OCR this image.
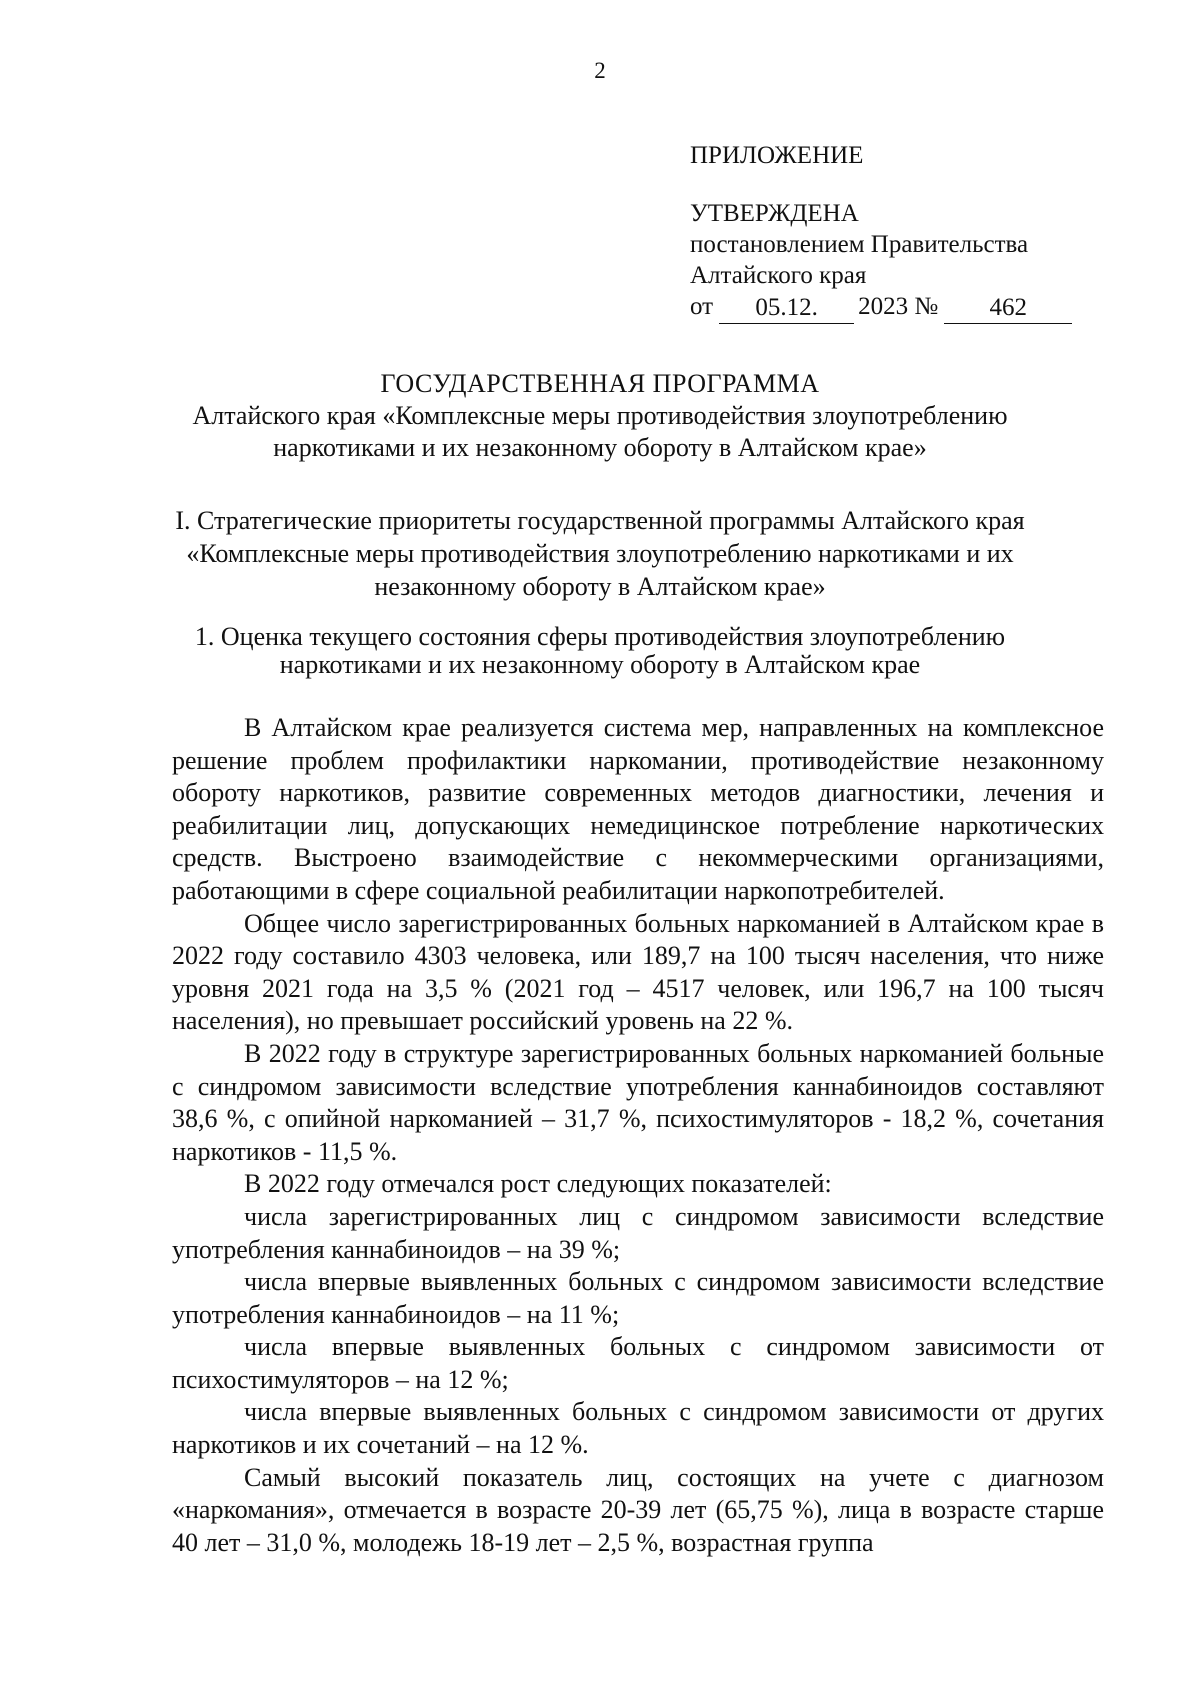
2
ПРИЛОЖЕНИЕ
УТВЕРЖДЕНА
постановлением Правительства
Алтайского края
от 05.12. 2023 № 462
ГОСУДАРСТВЕННАЯ ПРОГРАММА
Алтайского края «Комплексные меры противодействия злоупотреблению
наркотиками и их незаконному обороту в Алтайском крае»
I. Стратегические приоритеты государственной программы Алтайского края
«Комплексные меры противодействия злоупотреблению наркотиками и их
незаконному обороту в Алтайском крае»
1. Оценка текущего состояния сферы противодействия злоупотреблению
наркотиками и их незаконному обороту в Алтайском крае

В Алтайском крае реализуется система мер, направленных на комплексное решение проблем профилактики наркомании, противодействие незаконному обороту наркотиков, развитие современных методов диагностики, лечения и реабилитации лиц, допускающих немедицинское потребление наркотических средств. Выстроено взаимодействие с некоммерческими организациями, работающими в сфере социальной реабилитации наркопотребителей.

Общее число зарегистрированных больных наркоманией в Алтайском крае в 2022 году составило 4303 человека, или 189,7 на 100 тысяч населения, что ниже уровня 2021 года на 3,5 % (2021 год – 4517 человек, или 196,7 на 100 тысяч населения), но превышает российский уровень на 22 %.

В 2022 году в структуре зарегистрированных больных наркоманией больные с синдромом зависимости вследствие употребления каннабиноидов составляют 38,6 %, с опийной наркоманией – 31,7 %, психостимуляторов - 18,2 %, сочетания наркотиков - 11,5 %.

В 2022 году отмечался рост следующих показателей:

числа зарегистрированных лиц с синдромом зависимости вследствие употребления каннабиноидов – на 39 %;

числа впервые выявленных больных с синдромом зависимости вследствие употребления каннабиноидов – на 11 %;

числа впервые выявленных больных с синдромом зависимости от психостимуляторов – на 12 %;

числа впервые выявленных больных с синдромом зависимости от других наркотиков и их сочетаний – на 12 %.

Самый высокий показатель лиц, состоящих на учете с диагнозом «наркомания», отмечается в возрасте 20-39 лет (65,75 %), лица в возрасте старше 40 лет – 31,0 %, молодежь 18-19 лет – 2,5 %, возрастная группа
